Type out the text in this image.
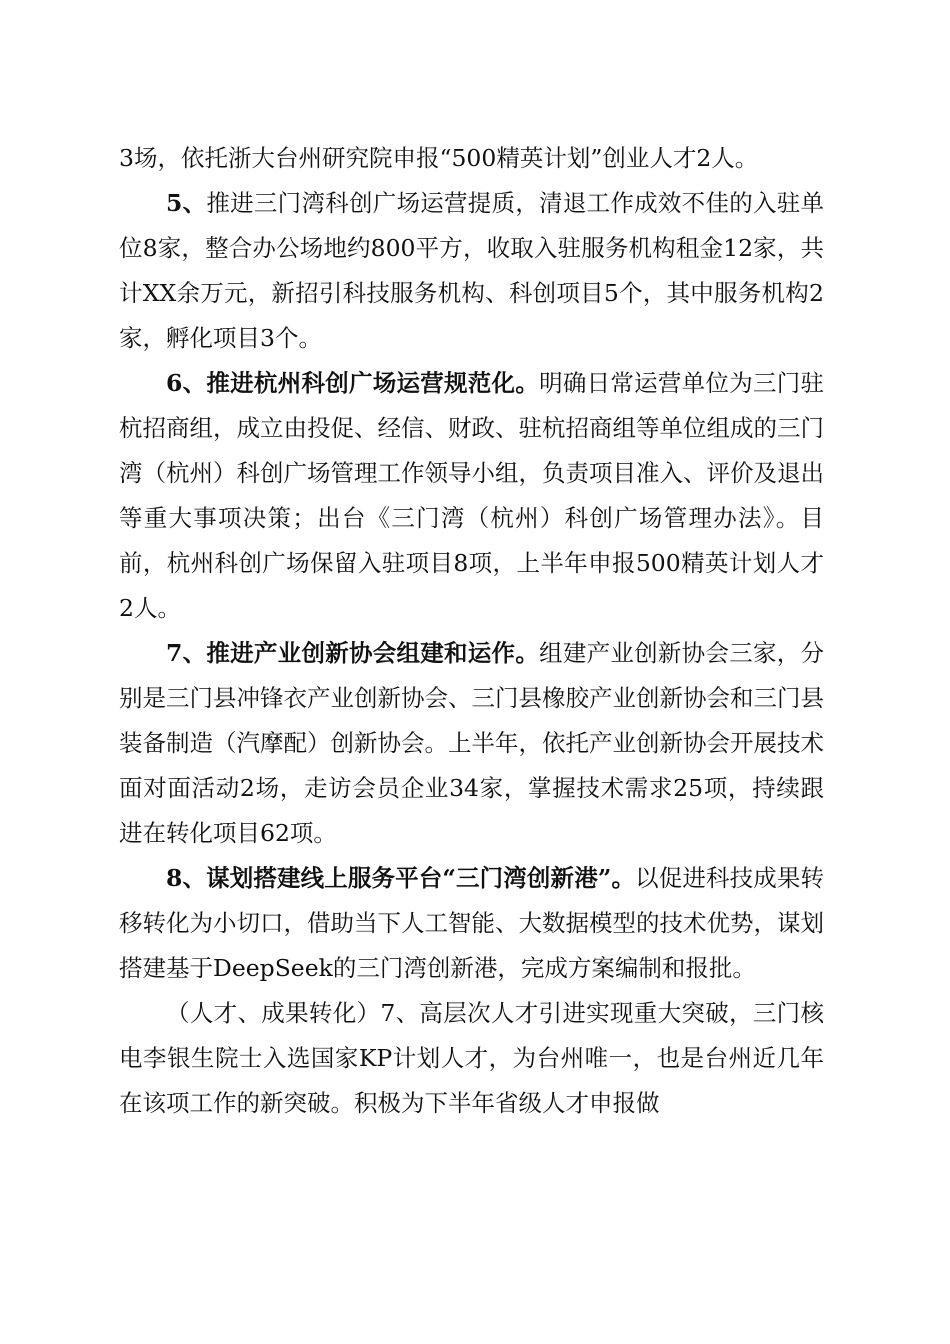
3场，依托浙大台州研究院申报“500精英计划”创业人才2人。

5、推进三门湾科创广场运营提质，清退工作成效不佳的入驻单位8家，整合办公场地约800平方，收取入驻服务机构租金12家，共计XX余万元，新招引科技服务机构、科创项目5个，其中服务机构2家，孵化项目3个。

6、推进杭州科创广场运营规范化。明确日常运营单位为三门驻杭招商组，成立由投促、经信、财政、驻杭招商组等单位组成的三门湾（杭州）科创广场管理工作领导小组，负责项目准入、评价及退出等重大事项决策；出台《三门湾（杭州）科创广场管理办法》。目前，杭州科创广场保留入驻项目8项，上半年申报500精英计划人才2人。

7、推进产业创新协会组建和运作。组建产业创新协会三家，分别是三门县冲锋衣产业创新协会、三门县橡胶产业创新协会和三门县装备制造（汽摩配）创新协会。上半年，依托产业创新协会开展技术面对面活动2场，走访会员企业34家，掌握技术需求25项，持续跟进在转化项目62项。

8、谋划搭建线上服务平台“三门湾创新港”。以促进科技成果转移转化为小切口，借助当下人工智能、大数据模型的技术优势，谋划搭建基于DeepSeek的三门湾创新港，完成方案编制和报批。

（人才、成果转化）7、高层次人才引进实现重大突破，三门核电李银生院士入选国家KP计划人才，为台州唯一，也是台州近几年在该项工作的新突破。积极为下半年省级人才申报做
